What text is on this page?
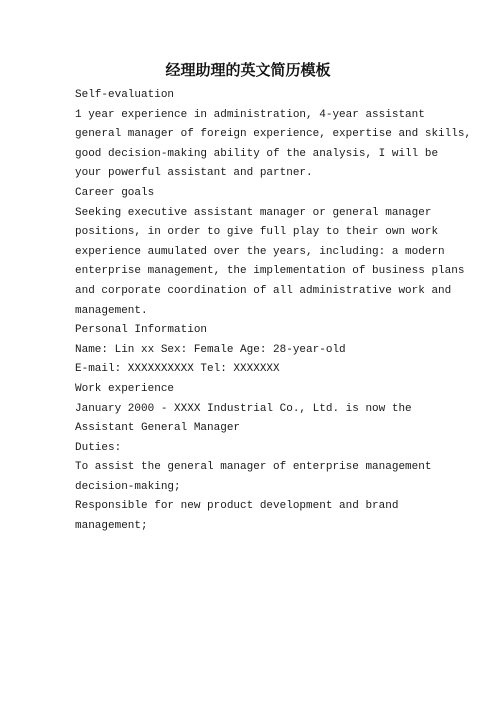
经理助理的英文简历模板

Self-evaluation

1 year experience in administration, 4-year assistant

general manager of foreign experience, expertise and skills,

good decision-making ability of the analysis, I will be

your powerful assistant and partner.

Career goals

Seeking executive assistant manager or general manager

positions, in order to give full play to their own work

experience aumulated over the years, including: a modern

enterprise management, the implementation of business plans

and corporate coordination of all administrative work and

management.

Personal Information

Name: Lin xx Sex: Female Age: 28-year-old

E-mail: XXXXXXXXXX Tel: XXXXXXX

Work experience

January 2000 - XXXX Industrial Co., Ltd. is now the

Assistant General Manager

Duties:

To assist the general manager of enterprise management

decision-making;

Responsible for new product development and brand

management;
